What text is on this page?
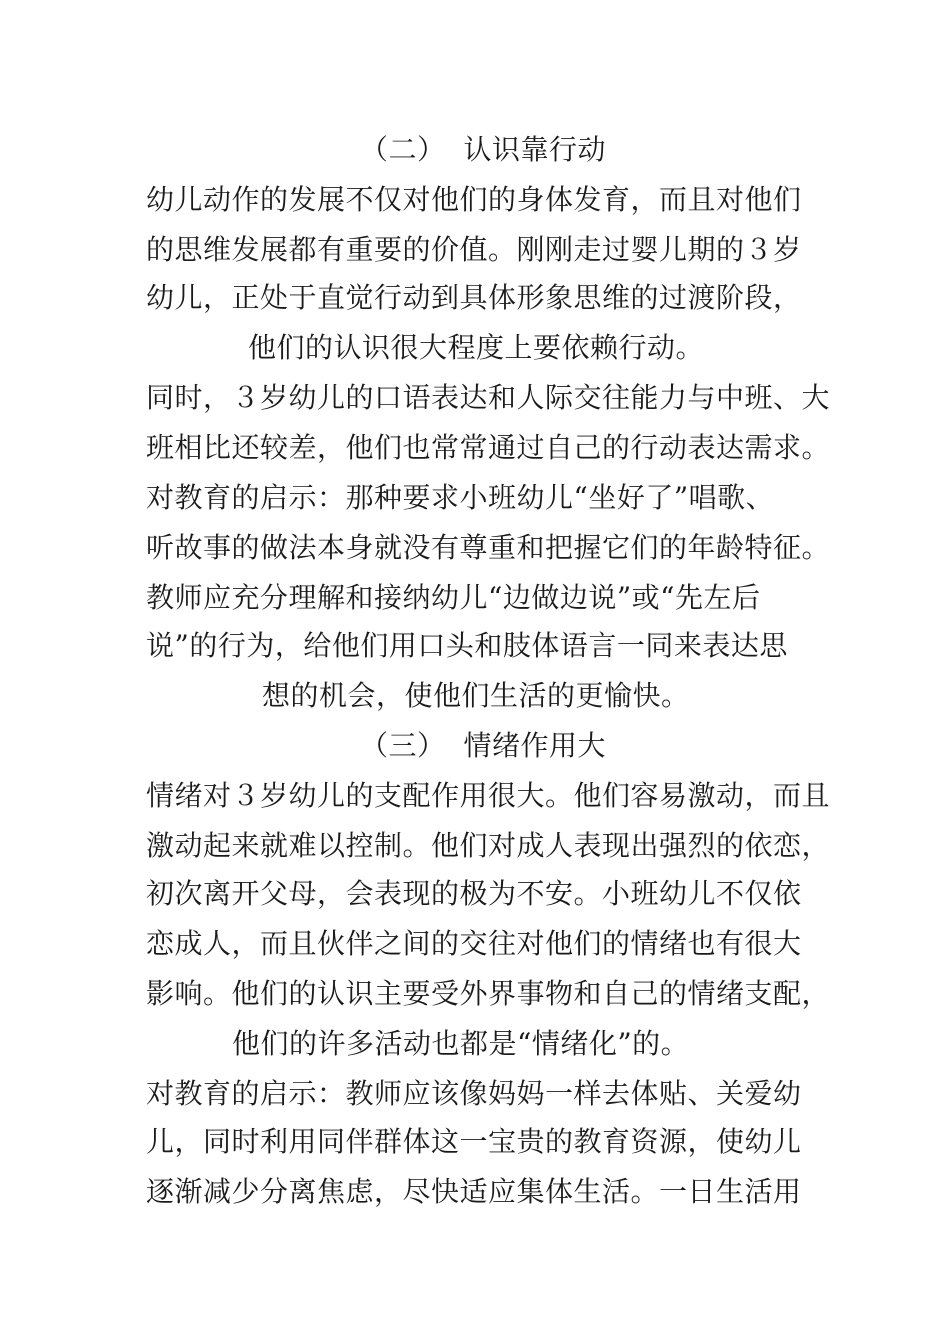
（二） 认识靠行动
幼儿动作的发展不仅对他们的身体发育，而且对他们
的思维发展都有重要的价值。刚刚走过婴儿期的３岁
幼儿，正处于直觉行动到具体形象思维的过渡阶段，
他们的认识很大程度上要依赖行动。
同时，３岁幼儿的口语表达和人际交往能力与中班、大
班相比还较差，他们也常常通过自己的行动表达需求。
对教育的启示：那种要求小班幼儿“坐好了”唱歌、
听故事的做法本身就没有尊重和把握它们的年龄特征。
教师应充分理解和接纳幼儿“边做边说”或“先左后
说”的行为，给他们用口头和肢体语言一同来表达思
想的机会，使他们生活的更愉快。
（三） 情绪作用大
情绪对３岁幼儿的支配作用很大。他们容易激动，而且
激动起来就难以控制。他们对成人表现出强烈的依恋，
初次离开父母，会表现的极为不安。小班幼儿不仅依
恋成人，而且伙伴之间的交往对他们的情绪也有很大
影响。他们的认识主要受外界事物和自己的情绪支配，
他们的许多活动也都是“情绪化”的。
对教育的启示：教师应该像妈妈一样去体贴、关爱幼
儿，同时利用同伴群体这一宝贵的教育资源，使幼儿
逐渐减少分离焦虑，尽快适应集体生活。一日生活用
